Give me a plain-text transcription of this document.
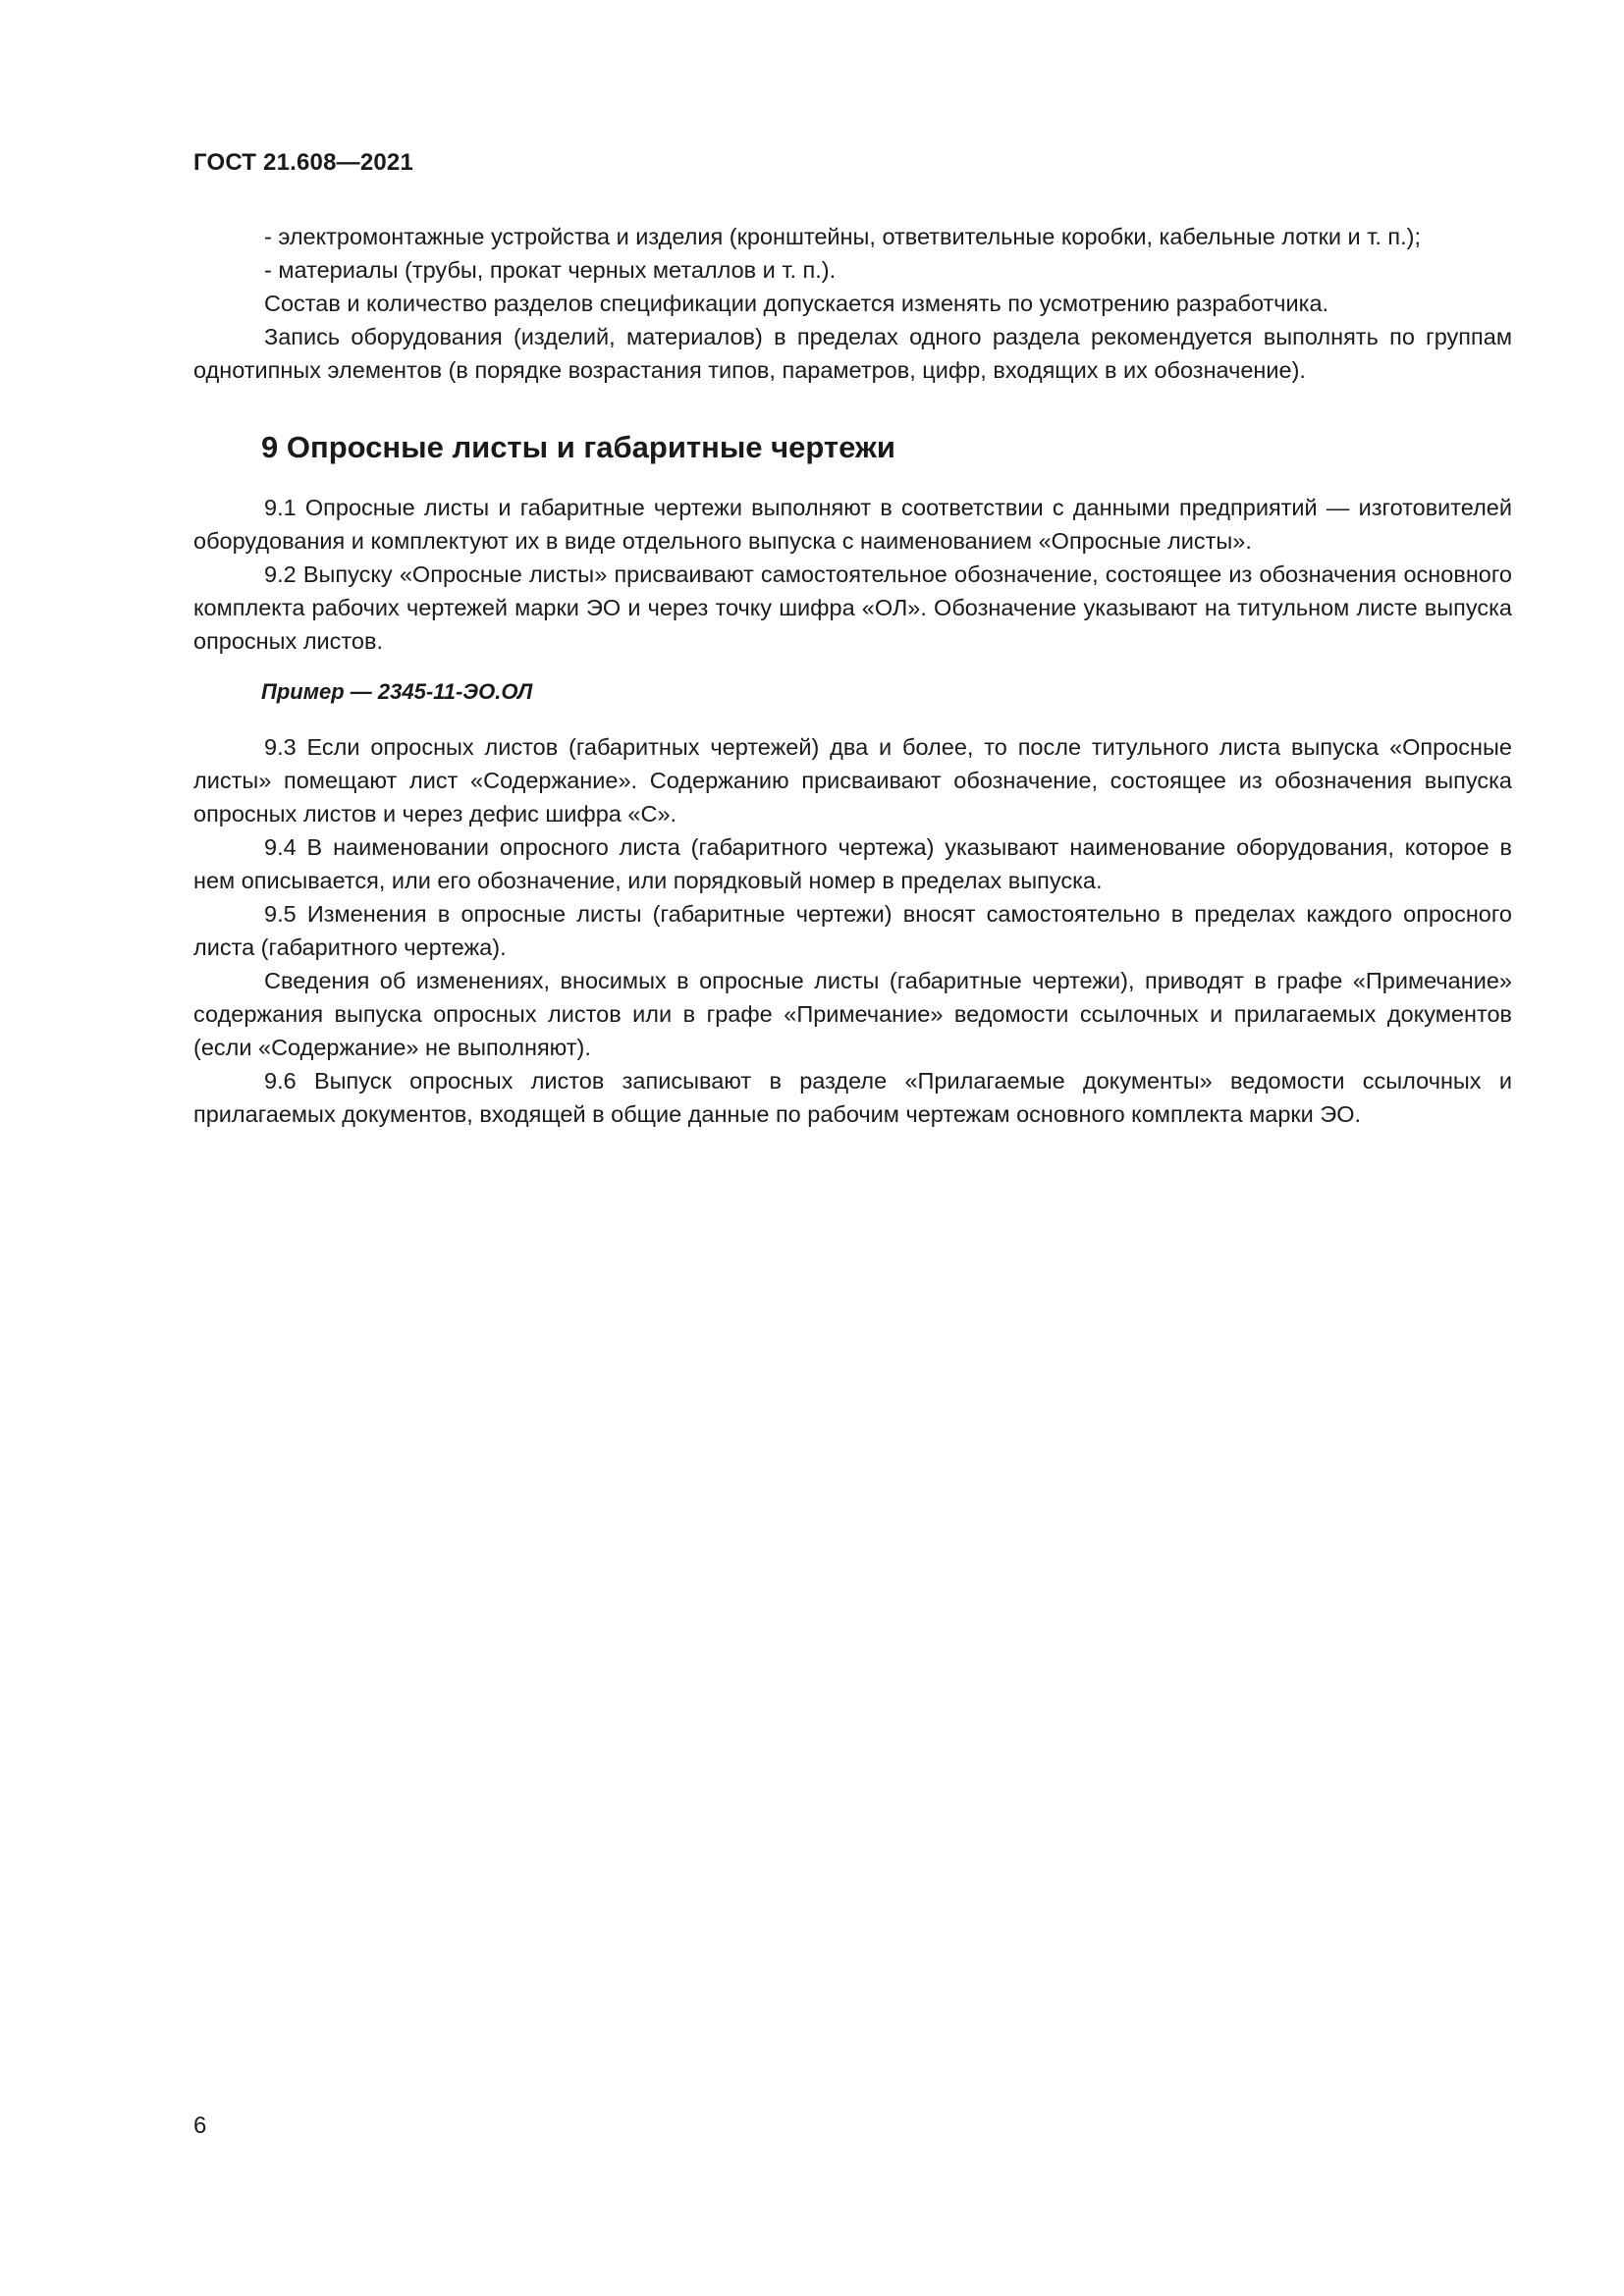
ГОСТ 21.608—2021

- электромонтажные устройства и изделия (кронштейны, ответвительные коробки, кабельные лотки и т. п.);

- материалы (трубы, прокат черных металлов и т. п.).

Состав и количество разделов спецификации допускается изменять по усмотрению разработчика.

Запись оборудования (изделий, материалов) в пределах одного раздела рекомендуется выполнять по группам однотипных элементов (в порядке возрастания типов, параметров, цифр, входящих в их обозначение).

9 Опросные листы и габаритные чертежи

9.1 Опросные листы и габаритные чертежи выполняют в соответствии с данными предприятий — изготовителей оборудования и комплектуют их в виде отдельного выпуска с наименованием «Опросные листы».

9.2 Выпуску «Опросные листы» присваивают самостоятельное обозначение, состоящее из обозначения основного комплекта рабочих чертежей марки ЭО и через точку шифра «ОЛ». Обозначение указывают на титульном листе выпуска опросных листов.

Пример — 2345-11-ЭО.ОЛ

9.3 Если опросных листов (габаритных чертежей) два и более, то после титульного листа выпуска «Опросные листы» помещают лист «Содержание». Содержанию присваивают обозначение, состоящее из обозначения выпуска опросных листов и через дефис шифра «С».

9.4 В наименовании опросного листа (габаритного чертежа) указывают наименование оборудования, которое в нем описывается, или его обозначение, или порядковый номер в пределах выпуска.

9.5 Изменения в опросные листы (габаритные чертежи) вносят самостоятельно в пределах каждого опросного листа (габаритного чертежа).

Сведения об изменениях, вносимых в опросные листы (габаритные чертежи), приводят в графе «Примечание» содержания выпуска опросных листов или в графе «Примечание» ведомости ссылочных и прилагаемых документов (если «Содержание» не выполняют).

9.6 Выпуск опросных листов записывают в разделе «Прилагаемые документы» ведомости ссылочных и прилагаемых документов, входящей в общие данные по рабочим чертежам основного комплекта марки ЭО.

6
